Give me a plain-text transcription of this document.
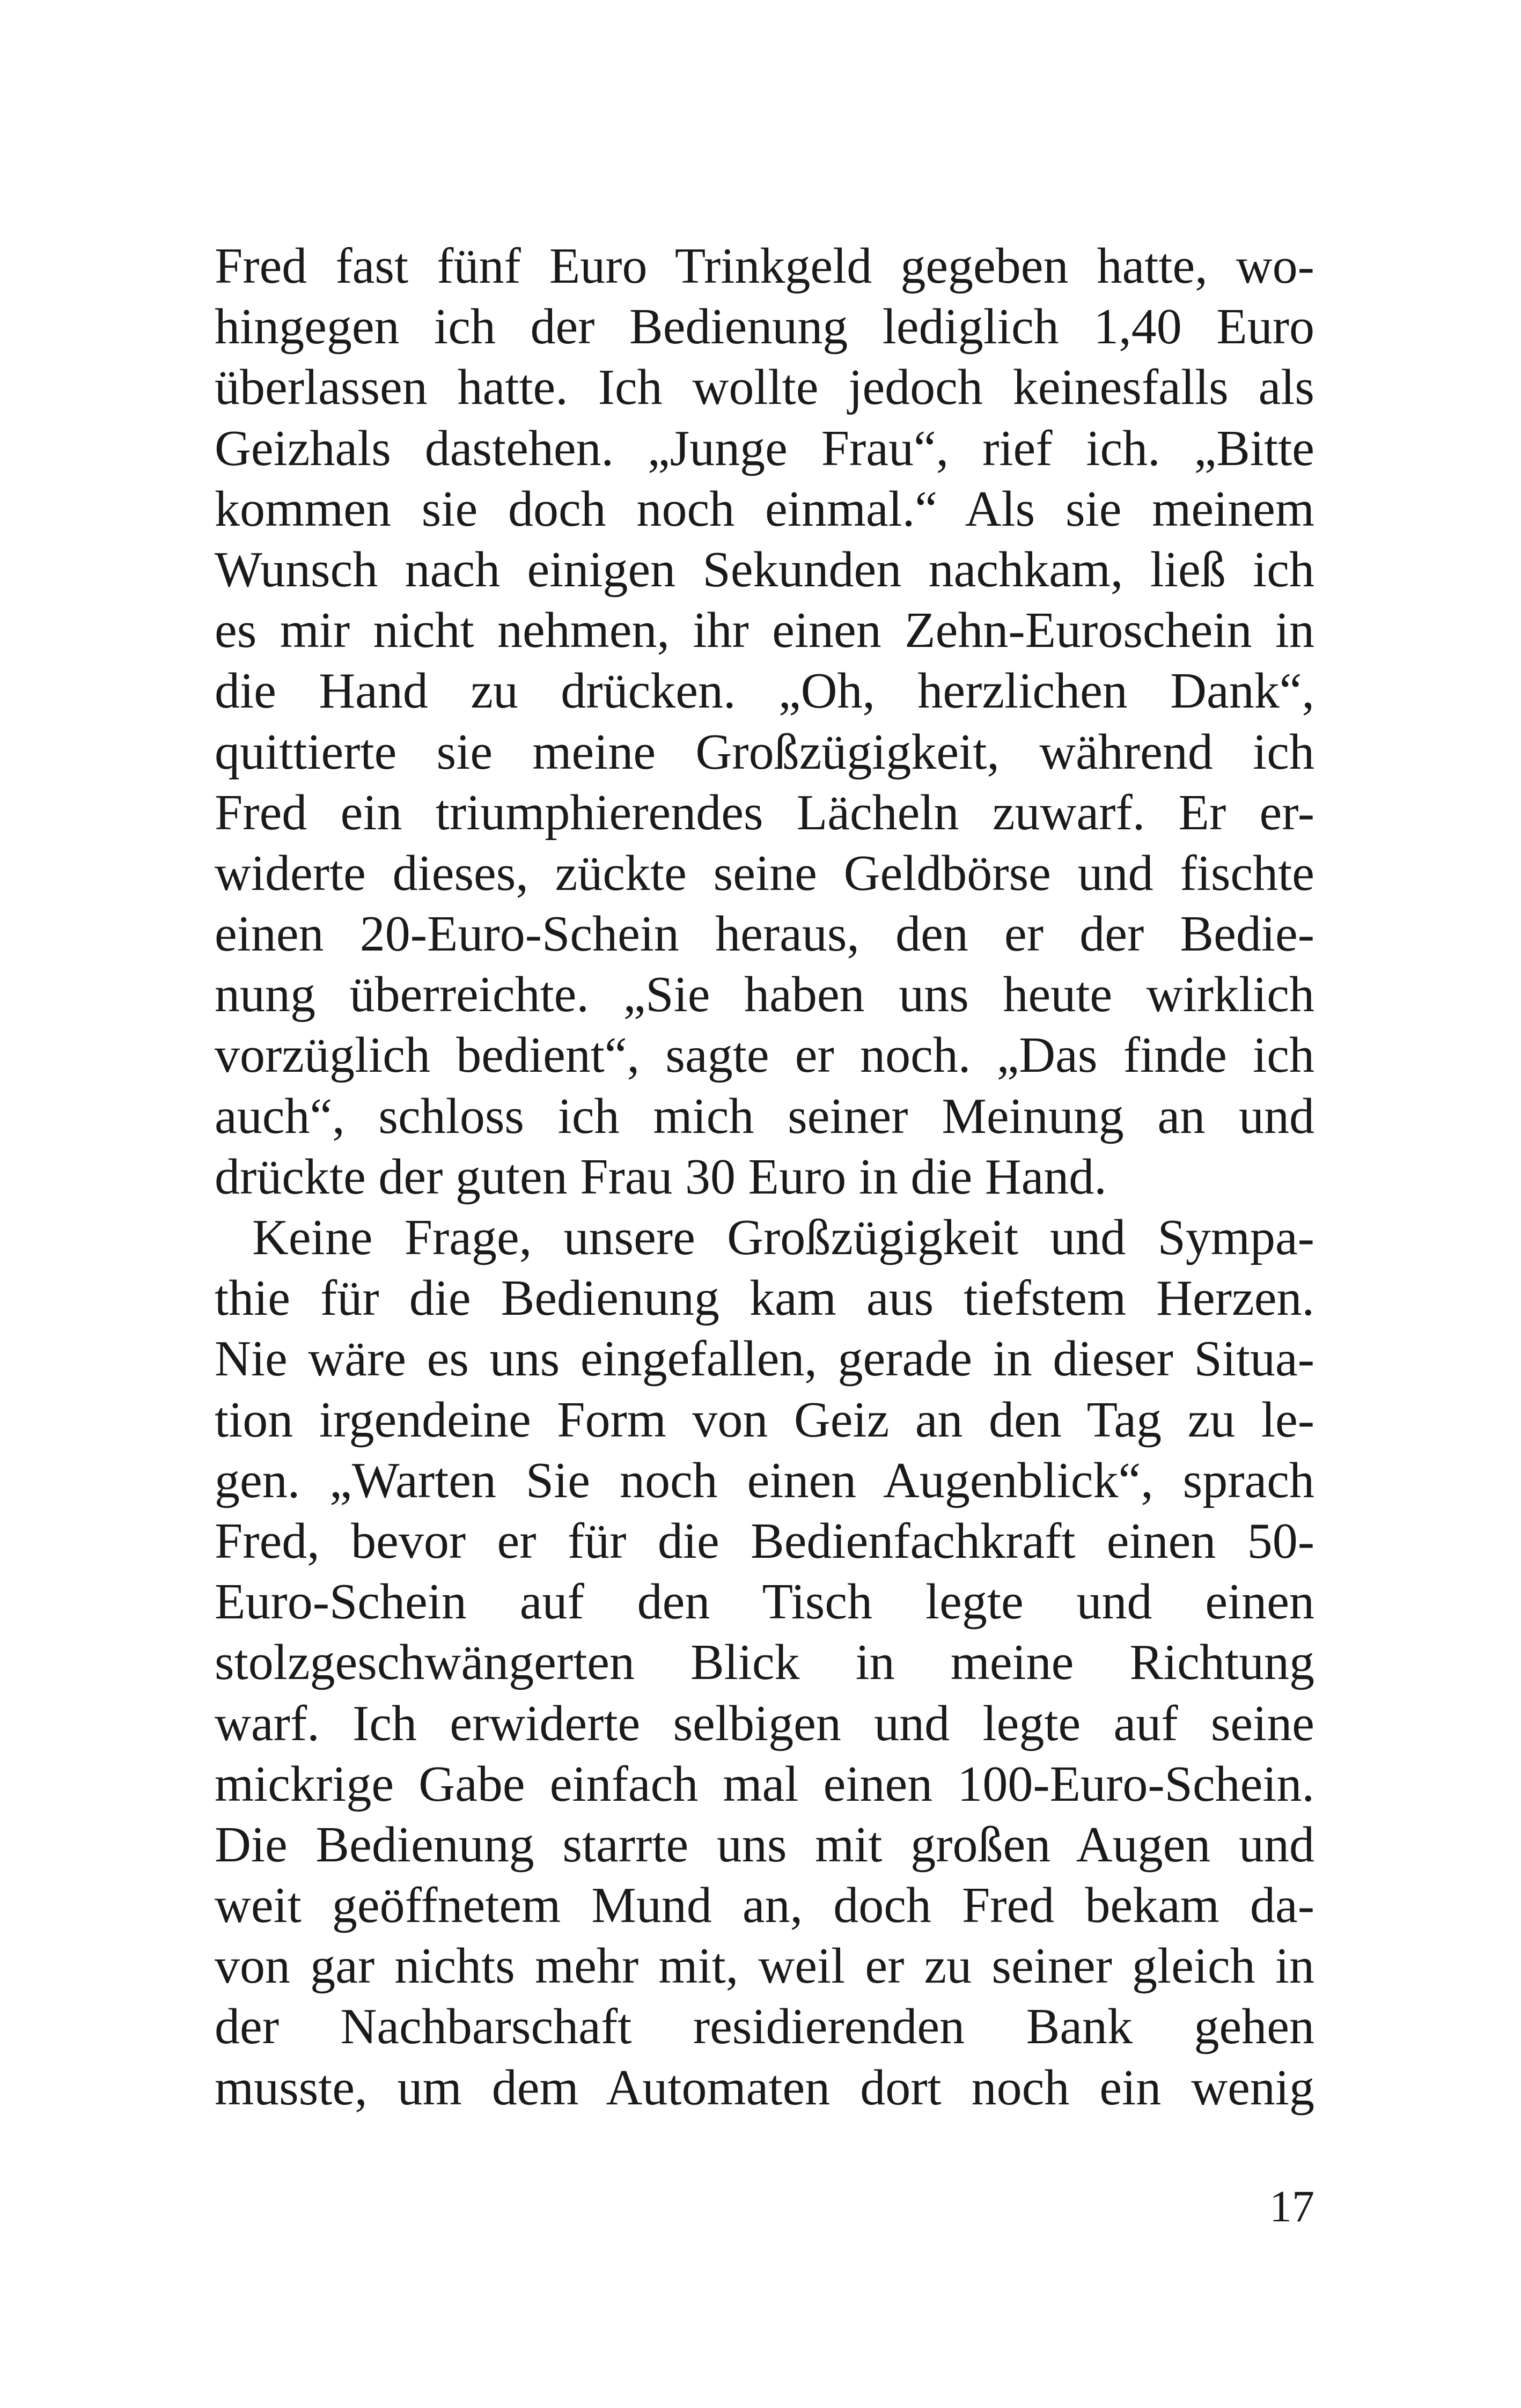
Fred fast fünf Euro Trinkgeld gegeben hatte, wo-
hingegen ich der Bedienung lediglich 1,40 Euro
überlassen hatte. Ich wollte jedoch keinesfalls als
Geizhals dastehen. „Junge Frau“, rief ich. „Bitte
kommen sie doch noch einmal.“ Als sie meinem
Wunsch nach einigen Sekunden nachkam, ließ ich
es mir nicht nehmen, ihr einen Zehn-Euroschein in
die Hand zu drücken. „Oh, herzlichen Dank“,
quittierte sie meine Großzügigkeit, während ich
Fred ein triumphierendes Lächeln zuwarf. Er er-
widerte dieses, zückte seine Geldbörse und fischte
einen 20-Euro-Schein heraus, den er der Bedie-
nung überreichte. „Sie haben uns heute wirklich
vorzüglich bedient“, sagte er noch. „Das finde ich
auch“, schloss ich mich seiner Meinung an und
drückte der guten Frau 30 Euro in die Hand.
Keine Frage, unsere Großzügigkeit und Sympa-
thie für die Bedienung kam aus tiefstem Herzen.
Nie wäre es uns eingefallen, gerade in dieser Situa-
tion irgendeine Form von Geiz an den Tag zu le-
gen. „Warten Sie noch einen Augenblick“, sprach
Fred, bevor er für die Bedienfachkraft einen 50-
Euro-Schein auf den Tisch legte und einen
stolzgeschwängerten Blick in meine Richtung
warf. Ich erwiderte selbigen und legte auf seine
mickrige Gabe einfach mal einen 100-Euro-Schein.
Die Bedienung starrte uns mit großen Augen und
weit geöffnetem Mund an, doch Fred bekam da-
von gar nichts mehr mit, weil er zu seiner gleich in
der Nachbarschaft residierenden Bank gehen
musste, um dem Automaten dort noch ein wenig
17
